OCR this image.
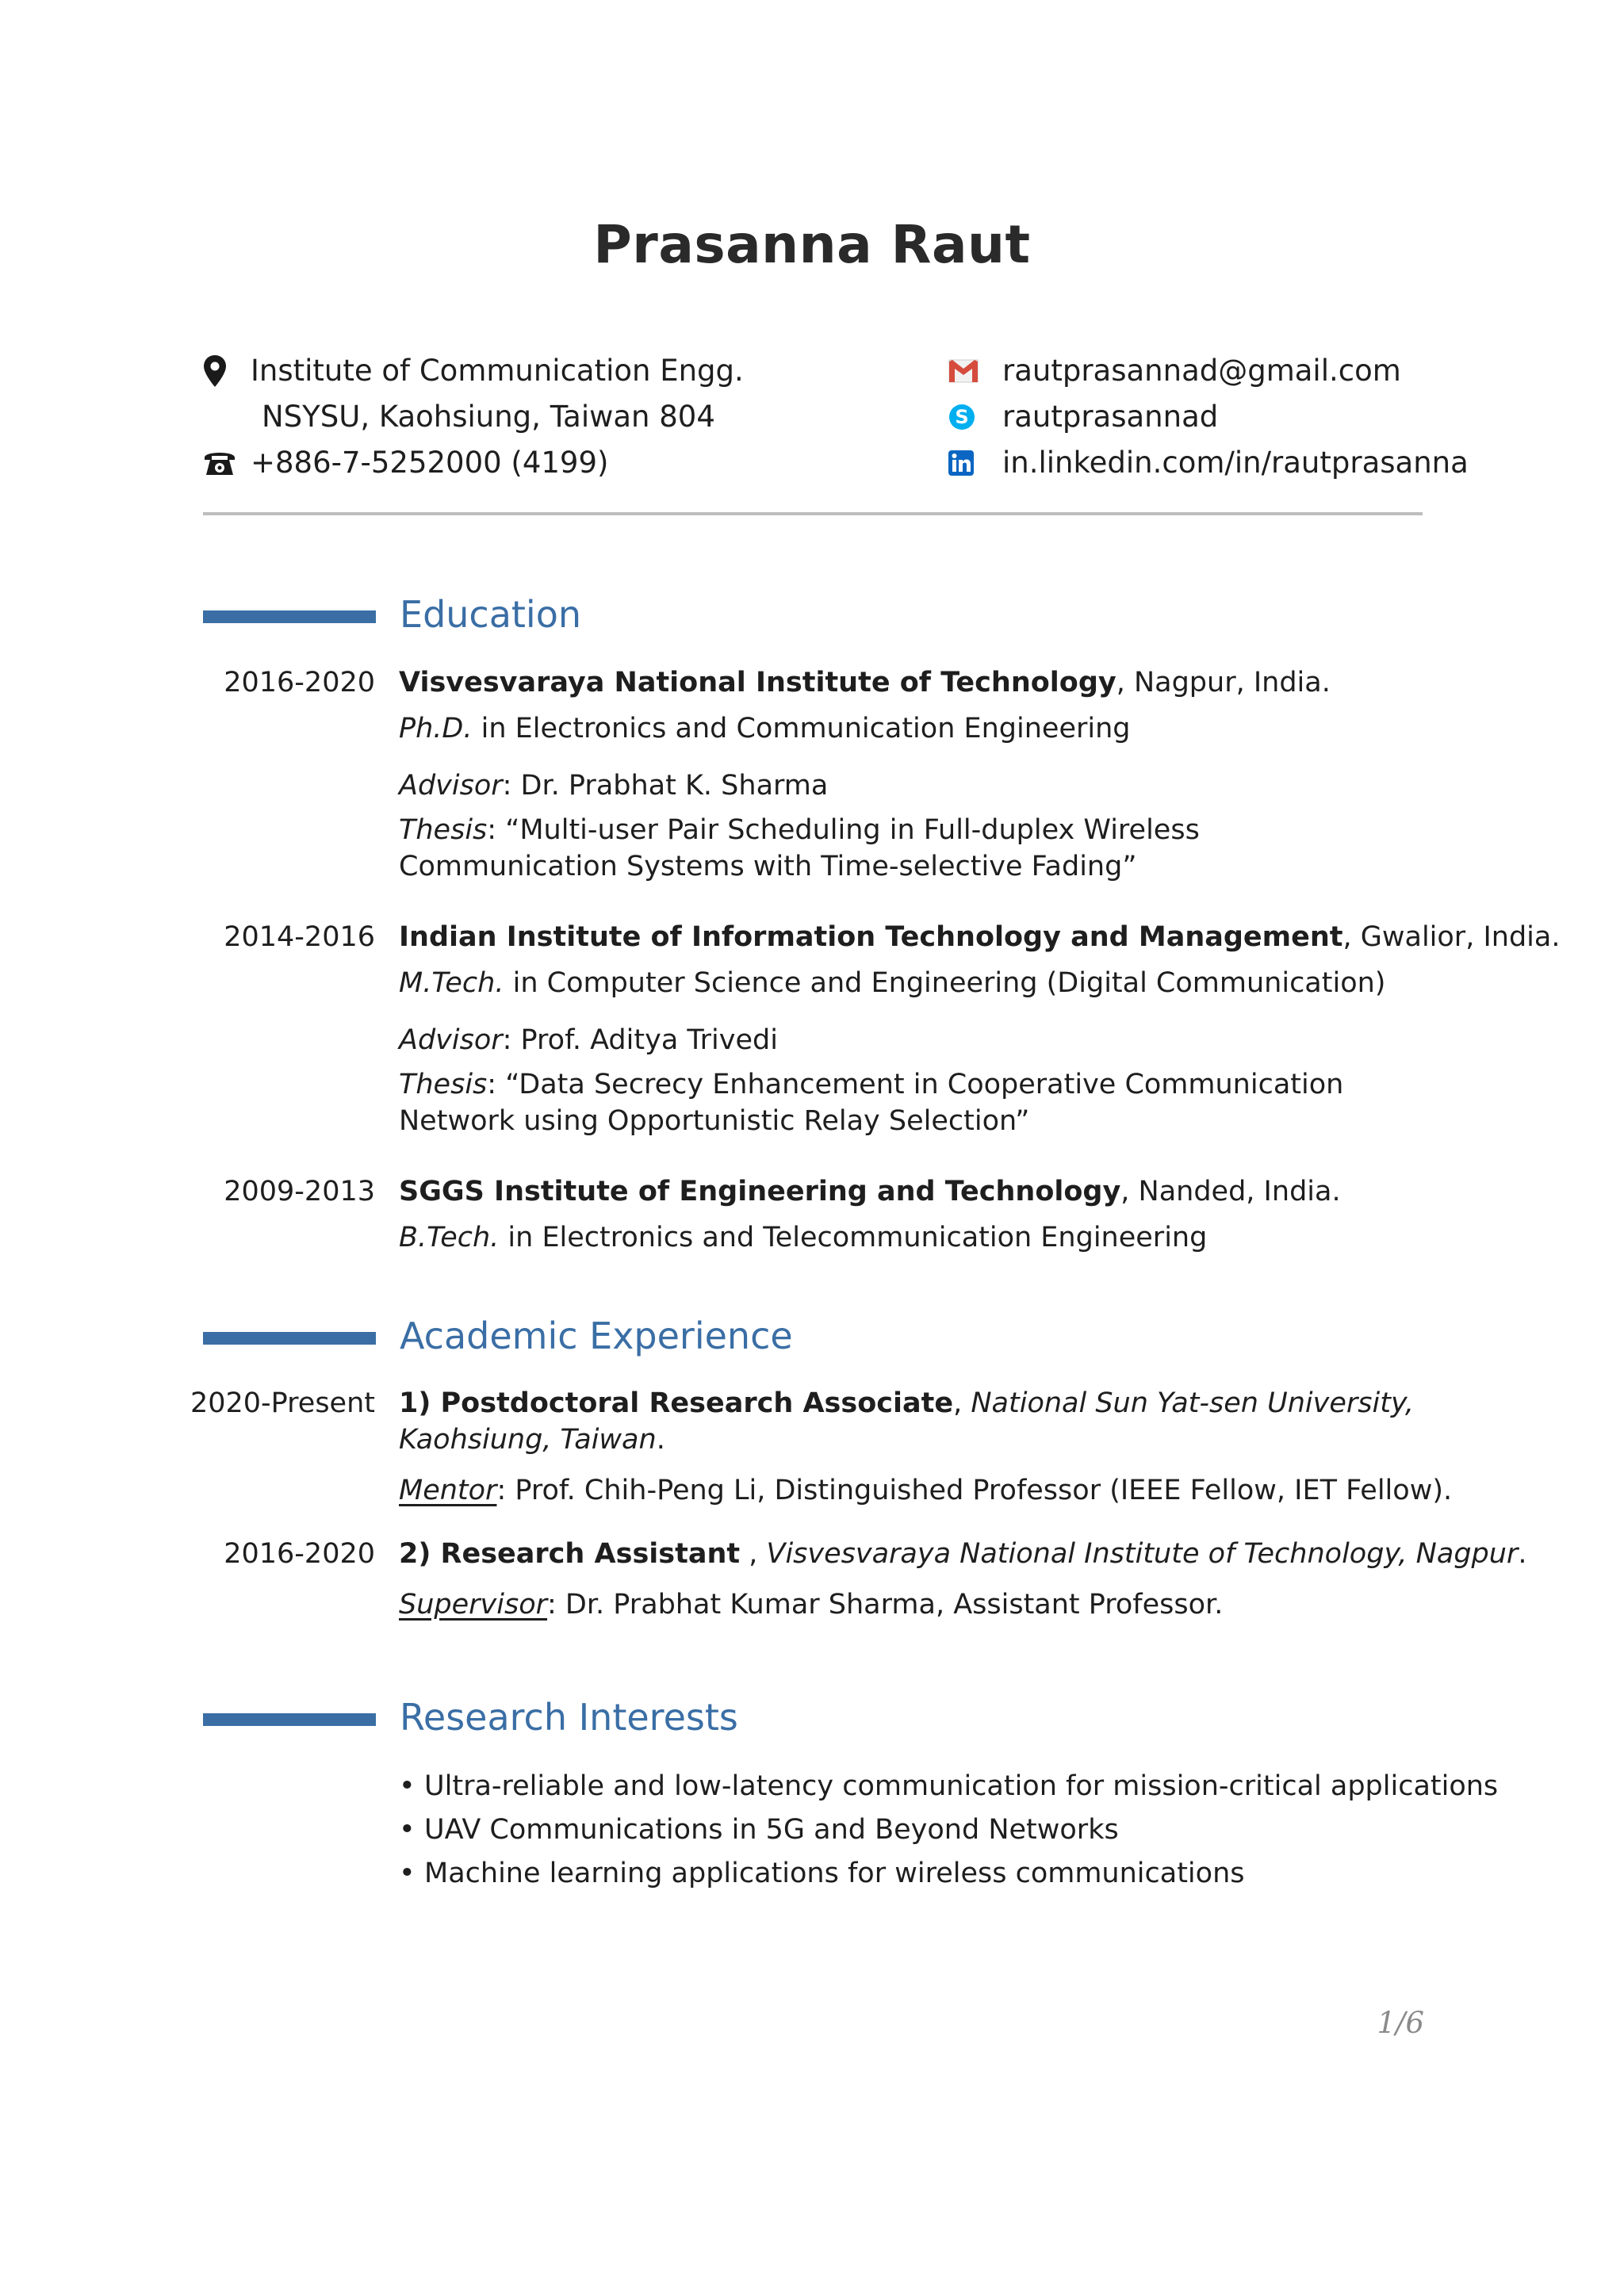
Prasanna Raut
Institute of Communication Engg.
NSYSU, Kaohsiung, Taiwan 804
+886-7-5252000 (4199)
rautprasannad@gmail.com
S rautprasannad
in.linkedin.com/in/rautprasanna
Education
2016-2020 Visvesvaraya National Institute of Technology, Nagpur, India.
Ph.D. in Electronics and Communication Engineering
Advisor: Dr. Prabhat K. Sharma
Thesis: “Multi-user Pair Scheduling in Full-duplex Wireless Communication Systems with Time-selective Fading”
2014-2016 Indian Institute of Information Technology and Management, Gwalior, India.
M.Tech. in Computer Science and Engineering (Digital Communication)
Advisor: Prof. Aditya Trivedi
Thesis: “Data Secrecy Enhancement in Cooperative Communication Network using Opportunistic Relay Selection”
2009-2013 SGGS Institute of Engineering and Technology, Nanded, India.
B.Tech. in Electronics and Telecommunication Engineering
Academic Experience
2020-Present 1) Postdoctoral Research Associate, National Sun Yat-sen University, Kaohsiung, Taiwan.
Mentor: Prof. Chih-Peng Li, Distinguished Professor (IEEE Fellow, IET Fellow).
2016-2020 2) Research Assistant , Visvesvaraya National Institute of Technology, Nagpur.
Supervisor: Dr. Prabhat Kumar Sharma, Assistant Professor.
Research Interests
• Ultra-reliable and low-latency communication for mission-critical applications
• UAV Communications in 5G and Beyond Networks
• Machine learning applications for wireless communications
1/6
